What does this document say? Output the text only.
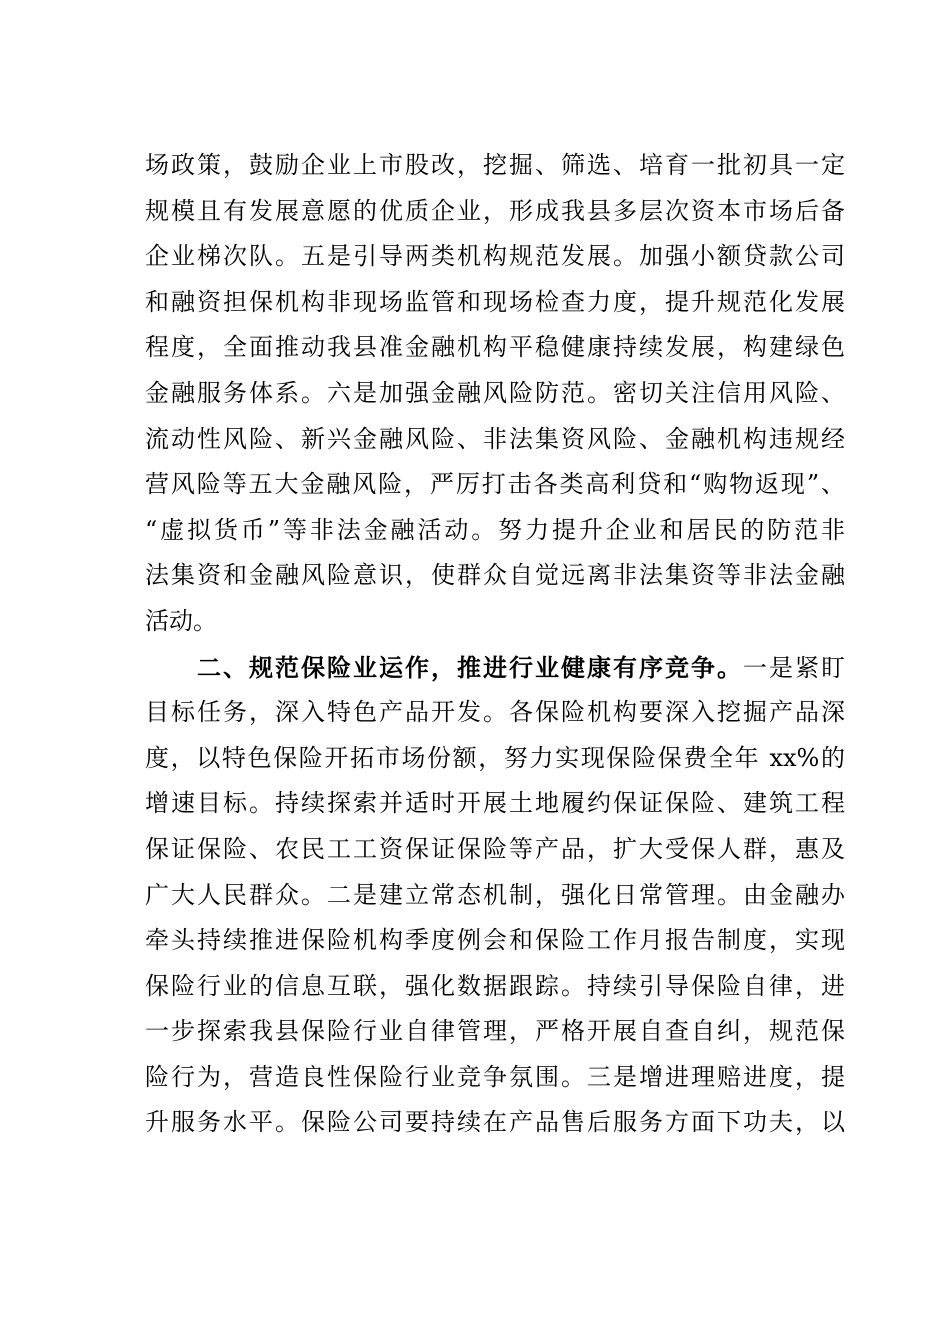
场政策，鼓励企业上市股改，挖掘、筛选、培育一批初具一定
规模且有发展意愿的优质企业，形成我县多层次资本市场后备
企业梯次队。五是引导两类机构规范发展。加强小额贷款公司
和融资担保机构非现场监管和现场检查力度，提升规范化发展
程度，全面推动我县准金融机构平稳健康持续发展，构建绿色
金融服务体系。六是加强金融风险防范。密切关注信用风险、
流动性风险、新兴金融风险、非法集资风险、金融机构违规经
营风险等五大金融风险，严厉打击各类高利贷和“购物返现”、
“虚拟货币”等非法金融活动。努力提升企业和居民的防范非
法集资和金融风险意识，使群众自觉远离非法集资等非法金融
活动。
二、规范保险业运作，推进行业健康有序竞争。一是紧盯
目标任务，深入特色产品开发。各保险机构要深入挖掘产品深
度，以特色保险开拓市场份额，努力实现保险保费全年 xx%的
增速目标。持续探索并适时开展土地履约保证保险、建筑工程
保证保险、农民工工资保证保险等产品，扩大受保人群，惠及
广大人民群众。二是建立常态机制，强化日常管理。由金融办
牵头持续推进保险机构季度例会和保险工作月报告制度，实现
保险行业的信息互联，强化数据跟踪。持续引导保险自律，进
一步探索我县保险行业自律管理，严格开展自查自纠，规范保
险行为，营造良性保险行业竞争氛围。三是增进理赔进度，提
升服务水平。保险公司要持续在产品售后服务方面下功夫，以
